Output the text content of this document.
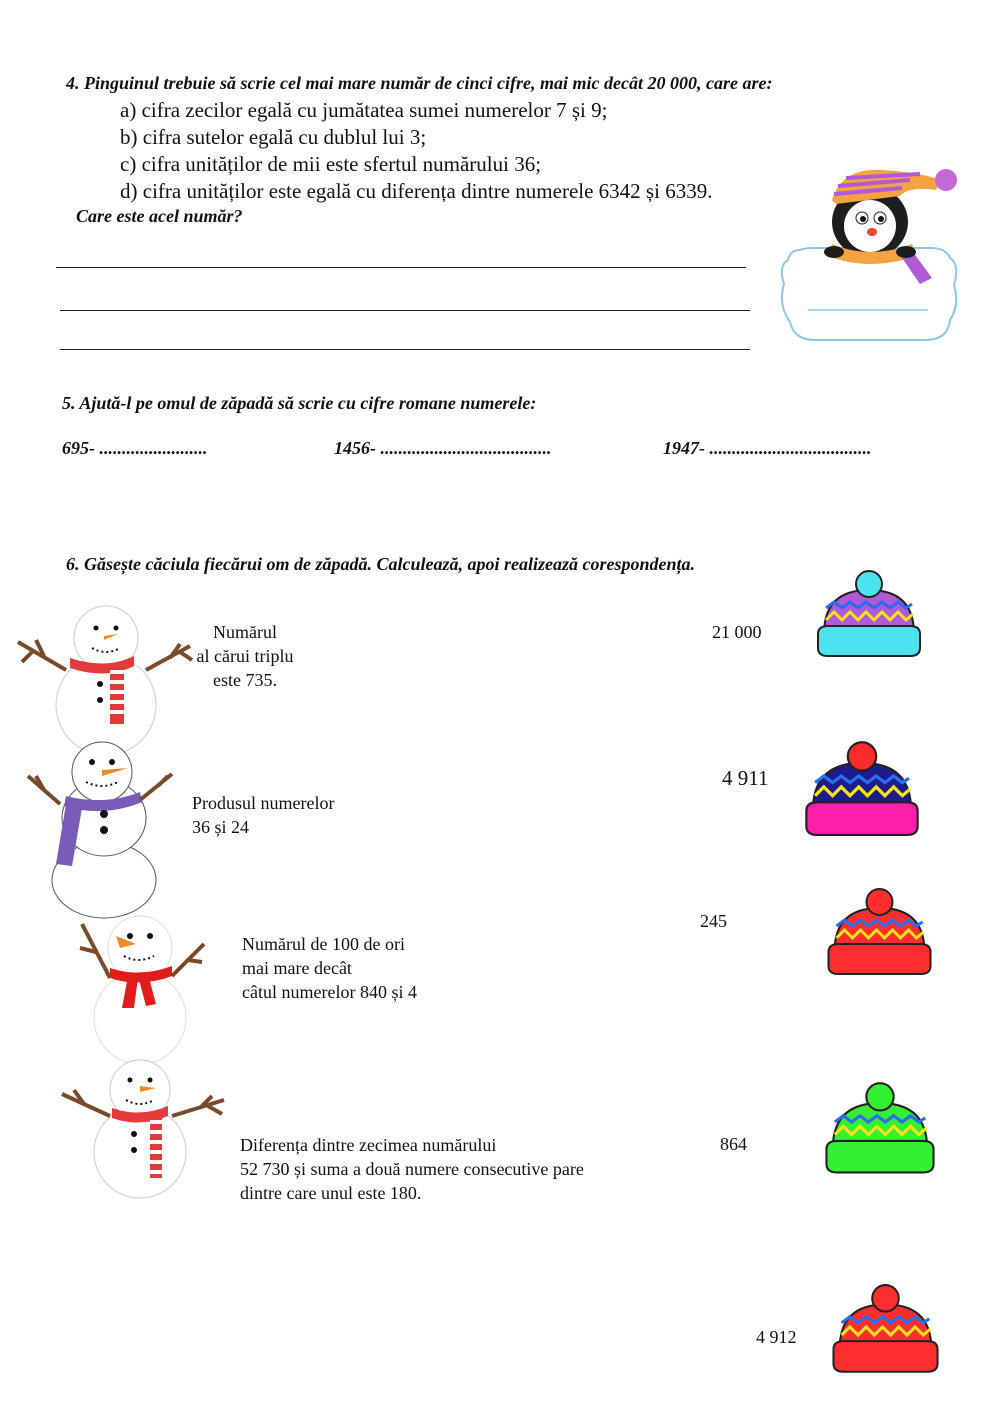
4. Pinguinul trebuie să scrie cel mai mare număr de cinci cifre, mai mic decât 20 000, care are:
a) cifra zecilor egală cu jumătatea sumei numerelor 7 și 9;
b) cifra sutelor egală cu dublul lui 3;
c) cifra unităților de mii este sfertul numărului 36;
d) cifra unităților este egală cu diferența dintre numerele 6342 și 6339.
Care este acel număr?
5. Ajută-l pe omul de zăpadă să scrie cu cifre romane numerele:
695- ........................	1456- ......................................	1947- ....................................
6. Găsește căciula fiecărui om de zăpadă. Calculează, apoi realizează corespondența.
Numărul
al cărui triplu
este 735.
Produsul numerelor
36 și 24
Numărul de 100 de ori
mai mare decât
câtul numerelor 840 și 4
Diferența dintre zecimea numărului
52 730 și suma a două numere consecutive pare
dintre care unul este 180.
21 000
4 911
245
864
4 912
